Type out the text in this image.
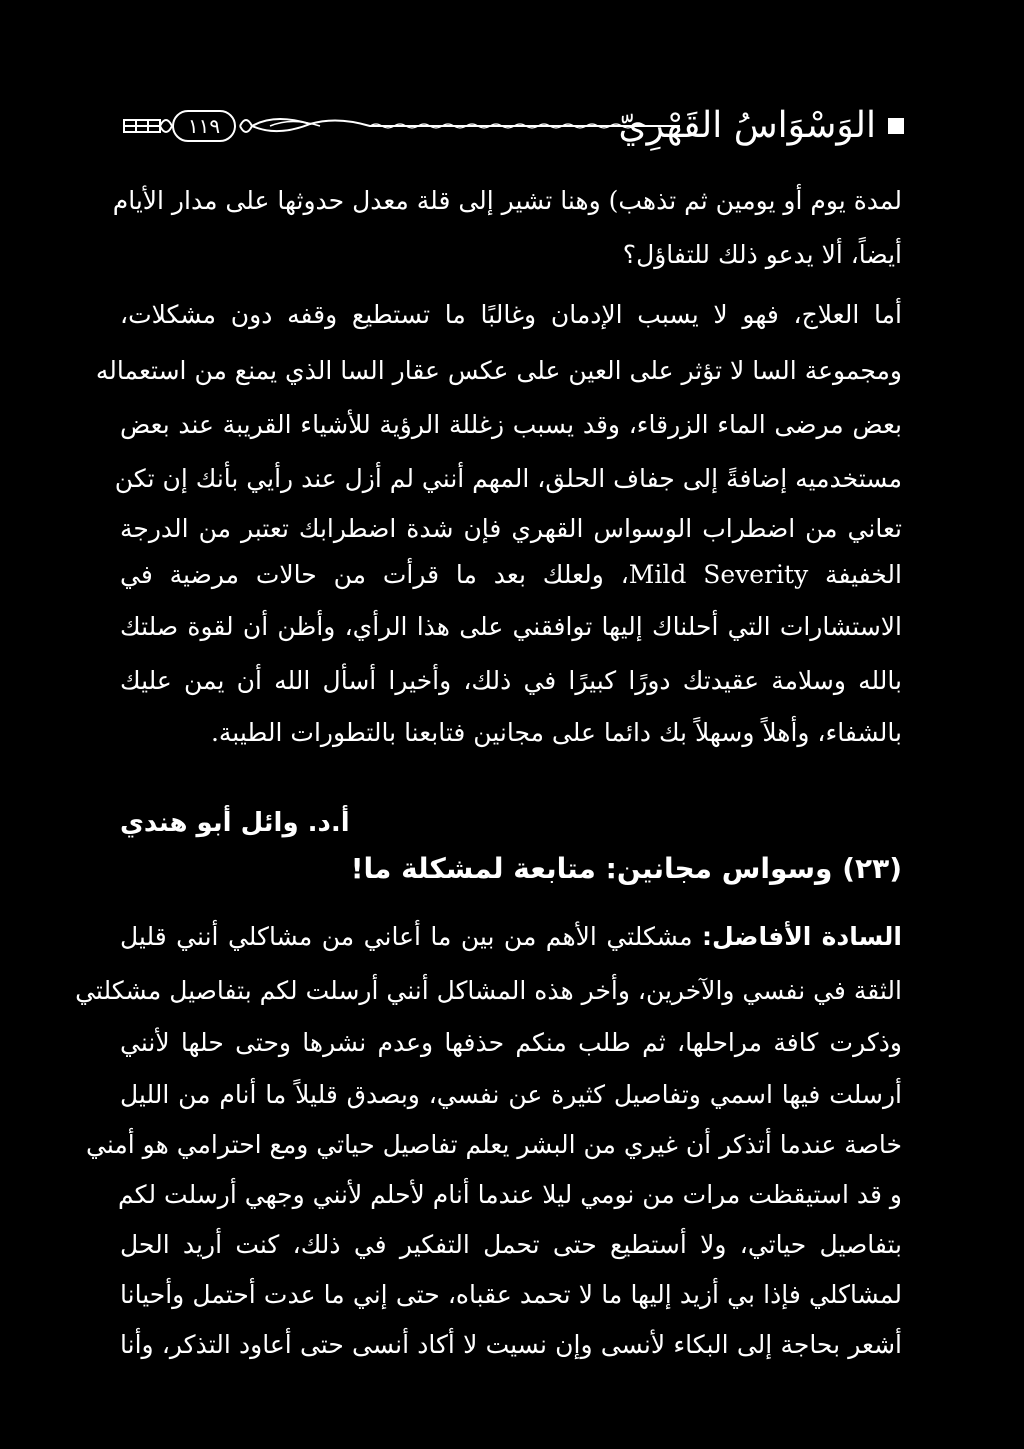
الوَسْوَاسُ القَهْرِيّ
١١٩
لمدة يوم أو يومين ثم تذهب) وهنا تشير إلى قلة معدل حدوثها على مدار الأيام
أيضاً، ألا يدعو ذلك للتفاؤل؟
أما العلاج، فهو لا يسبب الإدمان وغالبًا ما تستطيع وقفه دون مشكلات،
ومجموعة السا لا تؤثر على العين على عكس عقار السا الذي يمنع من استعماله
بعض مرضى الماء الزرقاء، وقد يسبب زغللة الرؤية للأشياء القريبة عند بعض
مستخدميه إضافةً إلى جفاف الحلق، المهم أنني لم أزل عند رأيي بأنك إن تكن
تعاني من اضطراب الوسواس القهري فإن شدة اضطرابك تعتبر من الدرجة
الخفيفة Mild Severity، ولعلك بعد ما قرأت من حالات مرضية في
الاستشارات التي أحلناك إليها توافقني على هذا الرأي، وأظن أن لقوة صلتك
بالله وسلامة عقيدتك دورًا كبيرًا في ذلك، وأخيرا أسأل الله أن يمن عليك
بالشفاء، وأهلاً وسهلاً بك دائما على مجانين فتابعنا بالتطورات الطيبة.
أ.د. وائل أبو هندي
(٢٣) وسواس مجانين: متابعة لمشكلة ما!
السادة الأفاضل: مشكلتي الأهم من بين ما أعاني من مشاكلي أنني قليل
الثقة في نفسي والآخرين، وأخر هذه المشاكل أنني أرسلت لكم بتفاصيل مشكلتي
وذكرت كافة مراحلها، ثم طلب منكم حذفها وعدم نشرها وحتى حلها لأنني
أرسلت فيها اسمي وتفاصيل كثيرة عن نفسي، وبصدق قليلاً ما أنام من الليل
خاصة عندما أتذكر أن غيري من البشر يعلم تفاصيل حياتي ومع احترامي هو أمني
و قد استيقظت مرات من نومي ليلا عندما أنام لأحلم لأنني وجهي أرسلت لكم
بتفاصيل حياتي، ولا أستطيع حتى تحمل التفكير في ذلك، كنت أريد الحل
لمشاكلي فإذا بي أزيد إليها ما لا تحمد عقباه، حتى إني ما عدت أحتمل وأحيانا
أشعر بحاجة إلى البكاء لأنسى وإن نسيت لا أكاد أنسى حتى أعاود التذكر، وأنا
